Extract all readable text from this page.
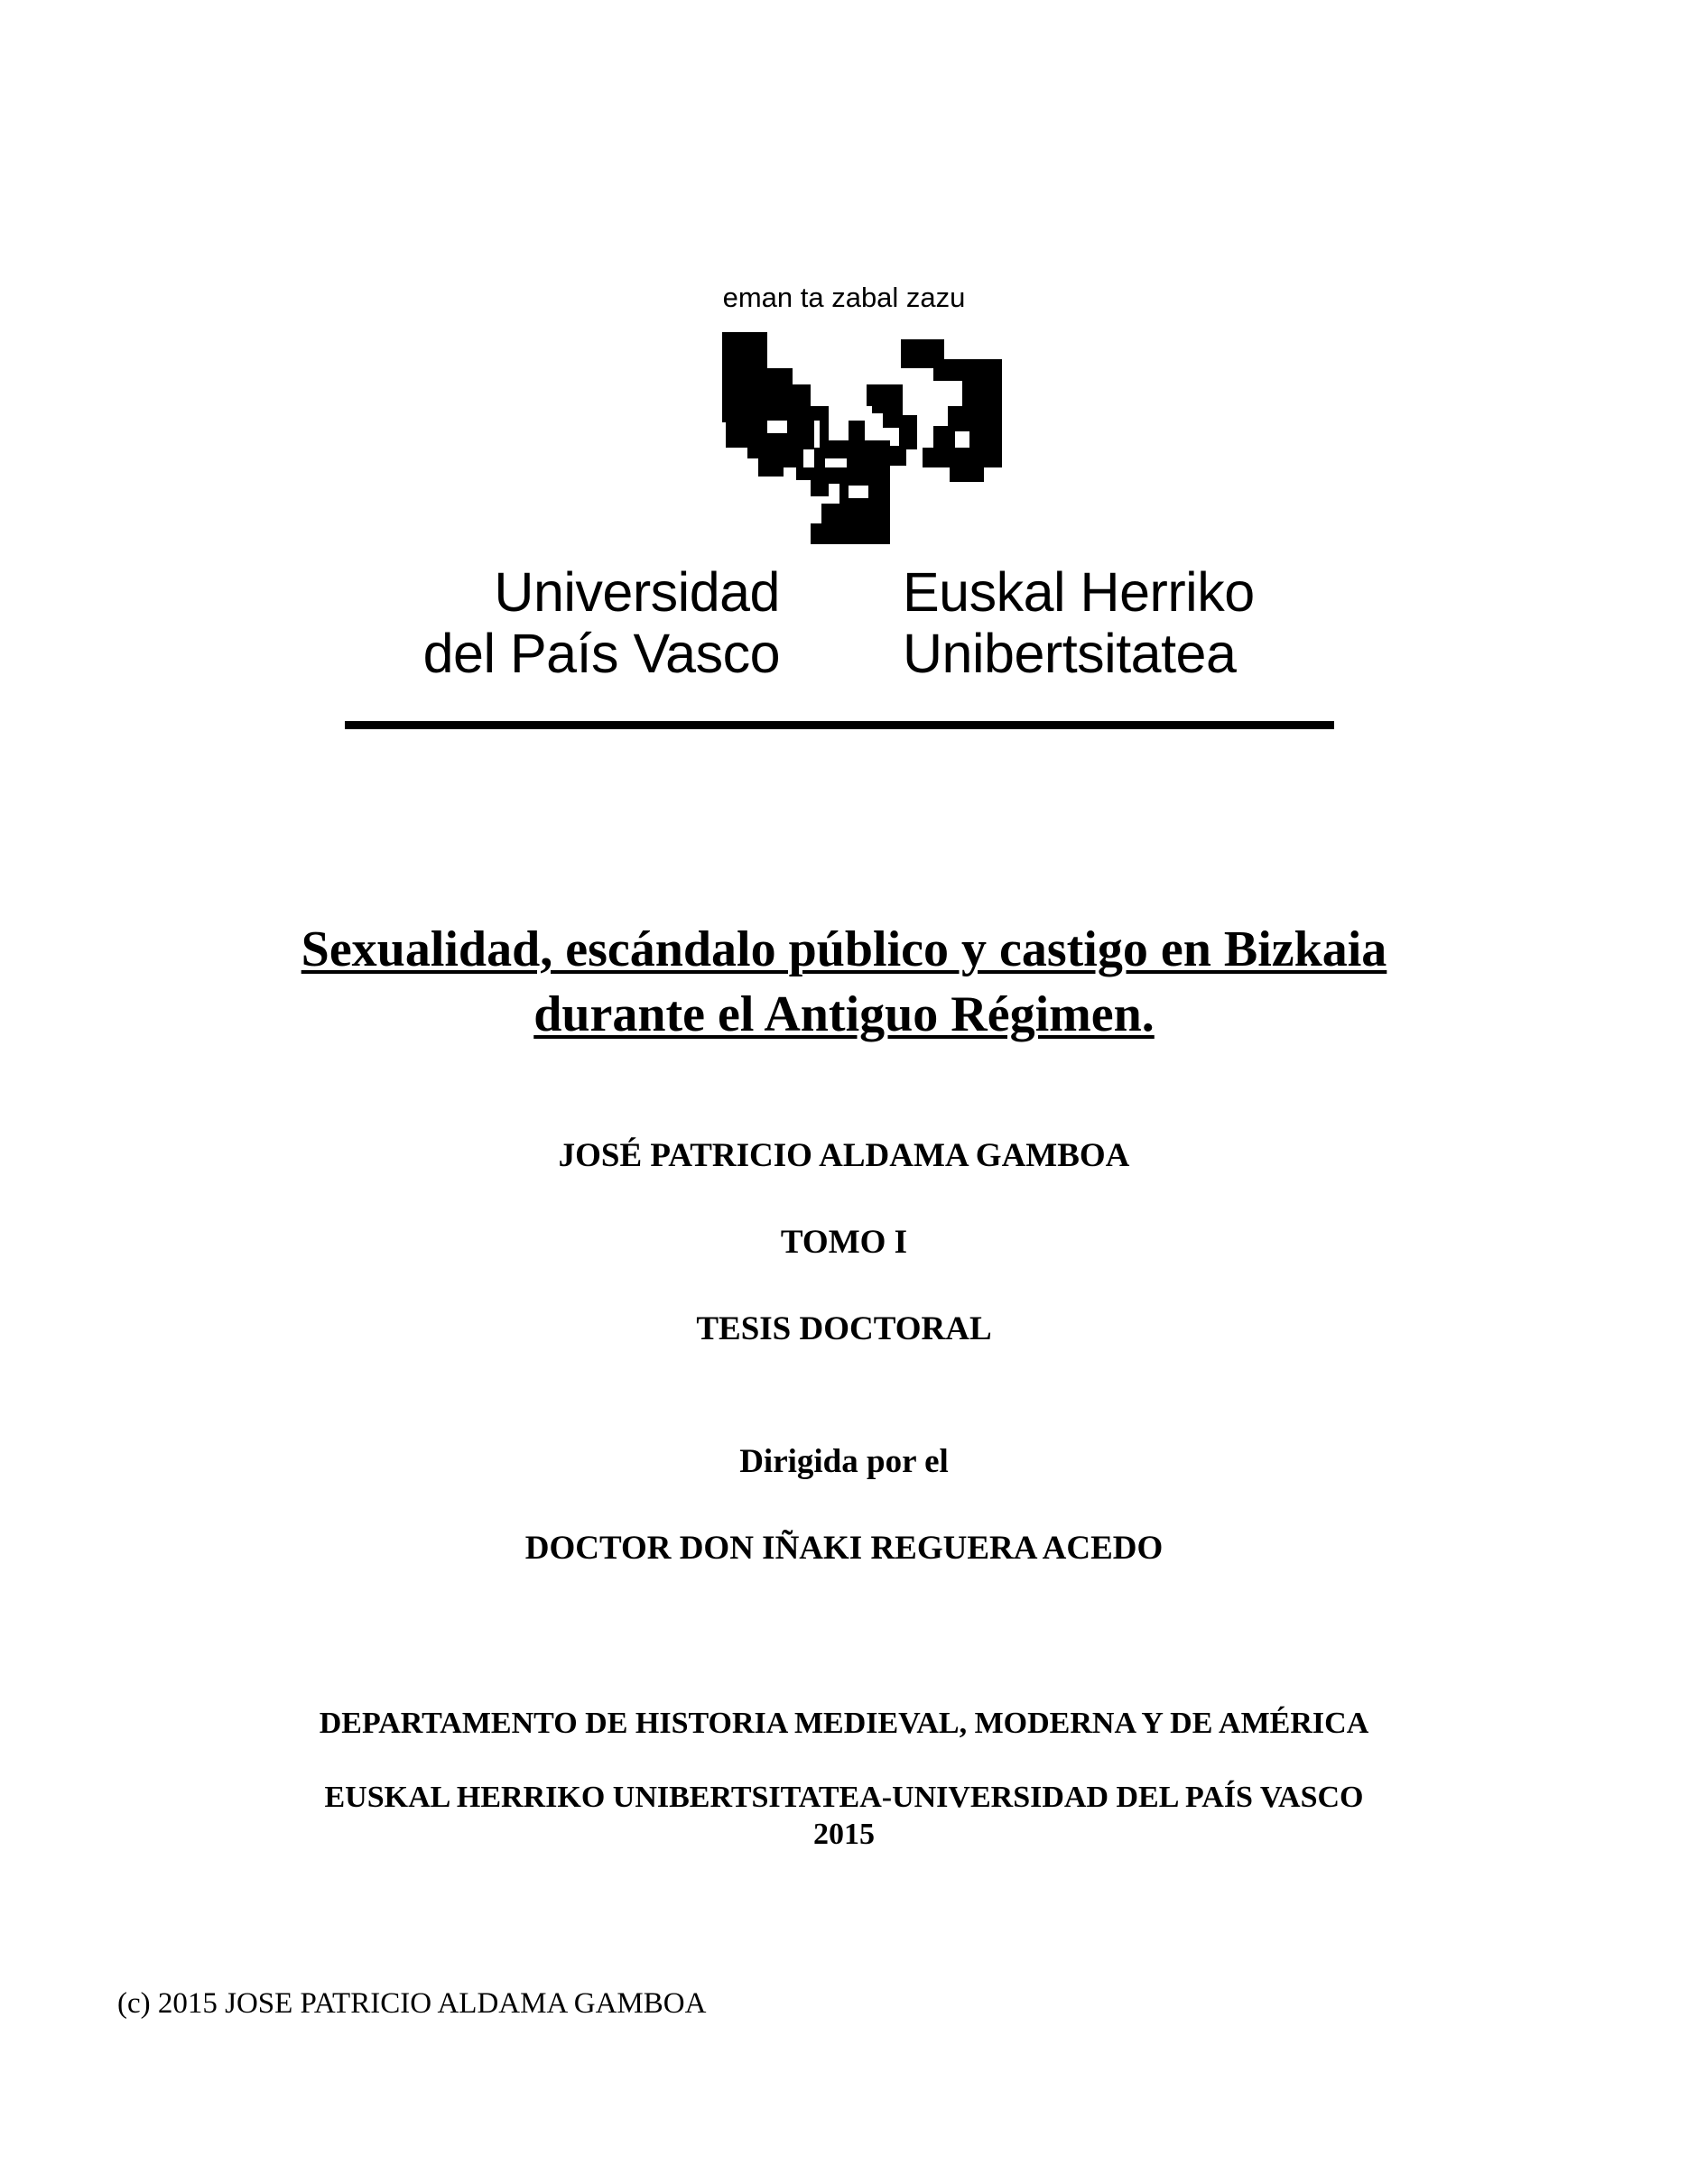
eman ta zabal zazu
Universidad
del País Vasco
Euskal Herriko
Unibertsitatea
Sexualidad, escándalo público y castigo en Bizkaia
durante el Antiguo Régimen.
JOSÉ PATRICIO ALDAMA GAMBOA
TOMO I
TESIS DOCTORAL
Dirigida por el
DOCTOR DON IÑAKI REGUERA ACEDO
DEPARTAMENTO DE HISTORIA MEDIEVAL, MODERNA Y DE AMÉRICA
EUSKAL HERRIKO UNIBERTSITATEA-UNIVERSIDAD DEL PAÍS VASCO
2015
(c) 2015 JOSE PATRICIO ALDAMA GAMBOA
